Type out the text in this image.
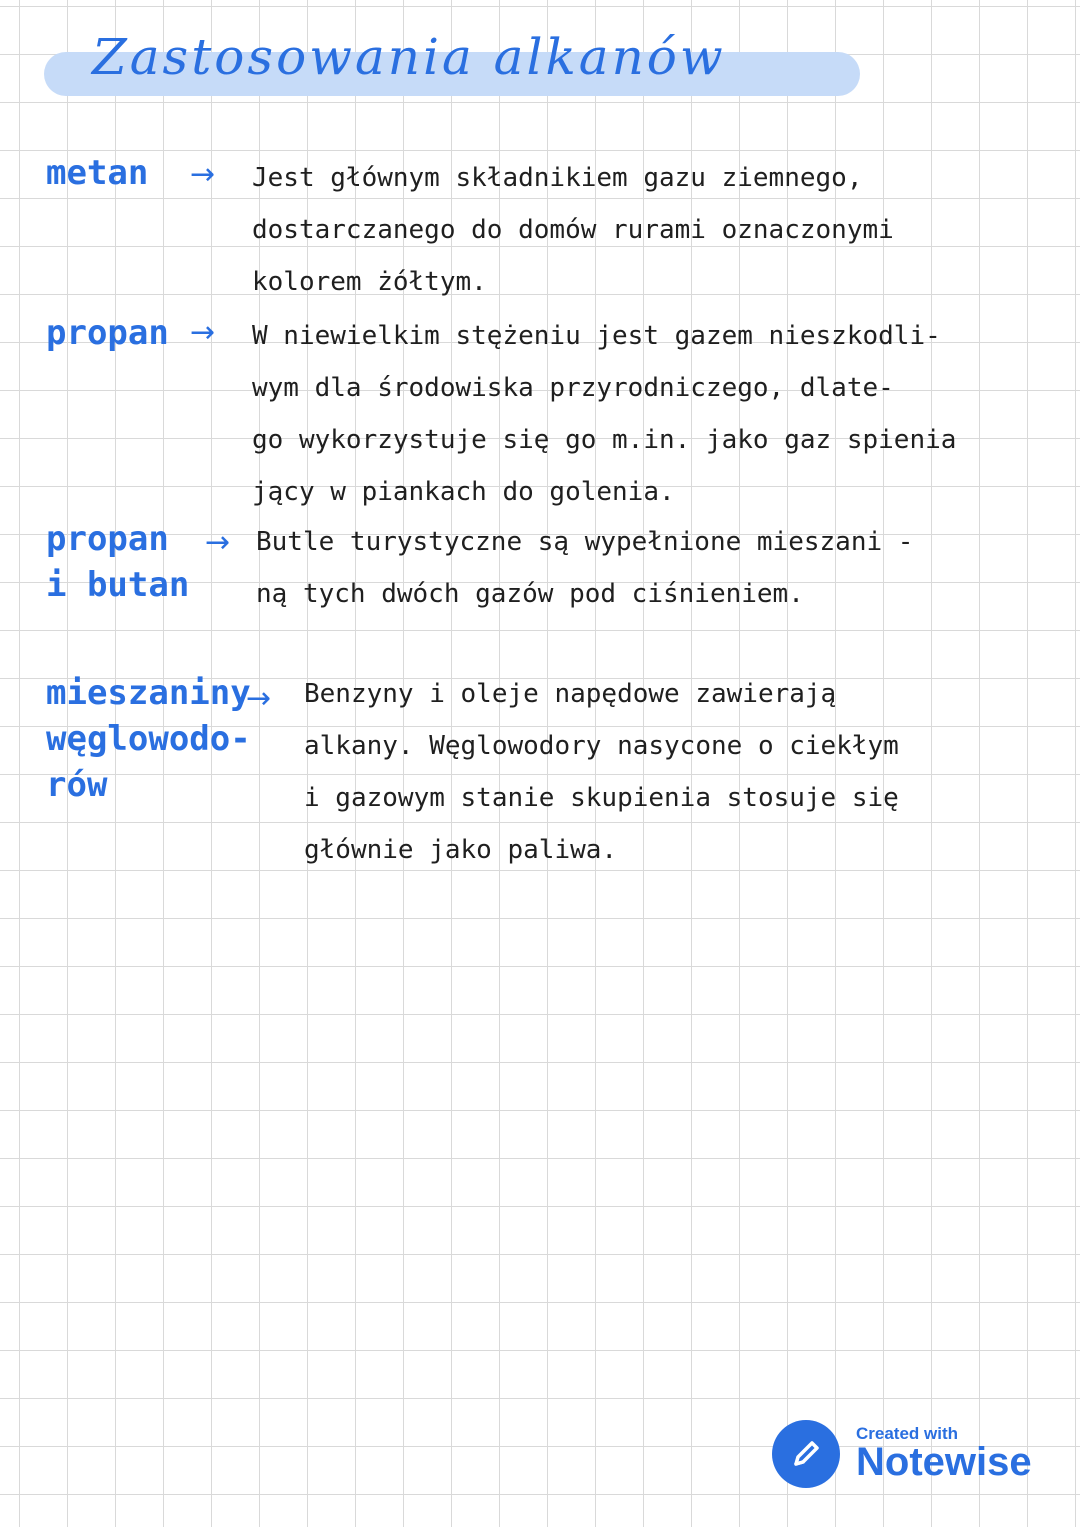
Zastosowania alkanów
metan → Jest głównym składnikiem gazu ziemnego,
dostarczanego do domów rurami oznaczonymi
kolorem żółtym.
propan → W niewielkim stężeniu jest gazem nieszkodli-
wym dla środowiska przyrodniczego, dlate-
go wykorzystuje się go m.in. jako gaz spienia
jący w piankach do golenia.
propan
i butan
→ Butle turystyczne są wypełnione mieszani -
ną tych dwóch gazów pod ciśnieniem.
mieszaniny
węglowodo-
rów
→ Benzyny i oleje napędowe zawierają
alkany. Węglowodory nasycone o ciekłym
i gazowym stanie skupienia stosuje się
głównie jako paliwa.
Created with
Notewise
